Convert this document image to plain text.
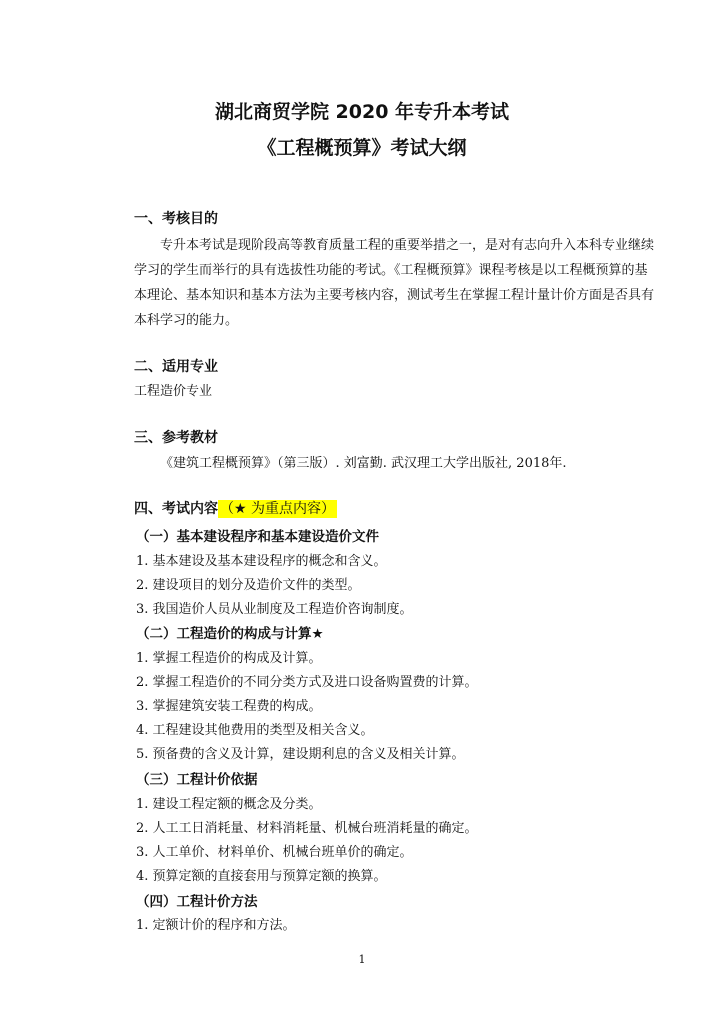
湖北商贸学院 2020 年专升本考试
《工程概预算》考试大纲
一、考核目的
专升本考试是现阶段高等教育质量工程的重要举措之一，是对有志向升入本科专业继续
学习的学生而举行的具有选拔性功能的考试。《工程概预算》课程考核是以工程概预算的基
本理论、基本知识和基本方法为主要考核内容，测试考生在掌握工程计量计价方面是否具有
本科学习的能力。
二、适用专业
工程造价专业
三、参考教材
《建筑工程概预算》（第三版）. 刘富勤. 武汉理工大学出版社, 2018年.
四、考试内容 （★ 为重点内容）
（一）基本建设程序和基本建设造价文件
1. 基本建设及基本建设程序的概念和含义。
2. 建设项目的划分及造价文件的类型。
3. 我国造价人员从业制度及工程造价咨询制度。
（二）工程造价的构成与计算★
1. 掌握工程造价的构成及计算。
2. 掌握工程造价的不同分类方式及进口设备购置费的计算。
3. 掌握建筑安装工程费的构成。
4. 工程建设其他费用的类型及相关含义。
5. 预备费的含义及计算，建设期利息的含义及相关计算。
（三）工程计价依据
1. 建设工程定额的概念及分类。
2. 人工工日消耗量、材料消耗量、机械台班消耗量的确定。
3. 人工单价、材料单价、机械台班单价的确定。
4. 预算定额的直接套用与预算定额的换算。
（四）工程计价方法
1. 定额计价的程序和方法。
1
